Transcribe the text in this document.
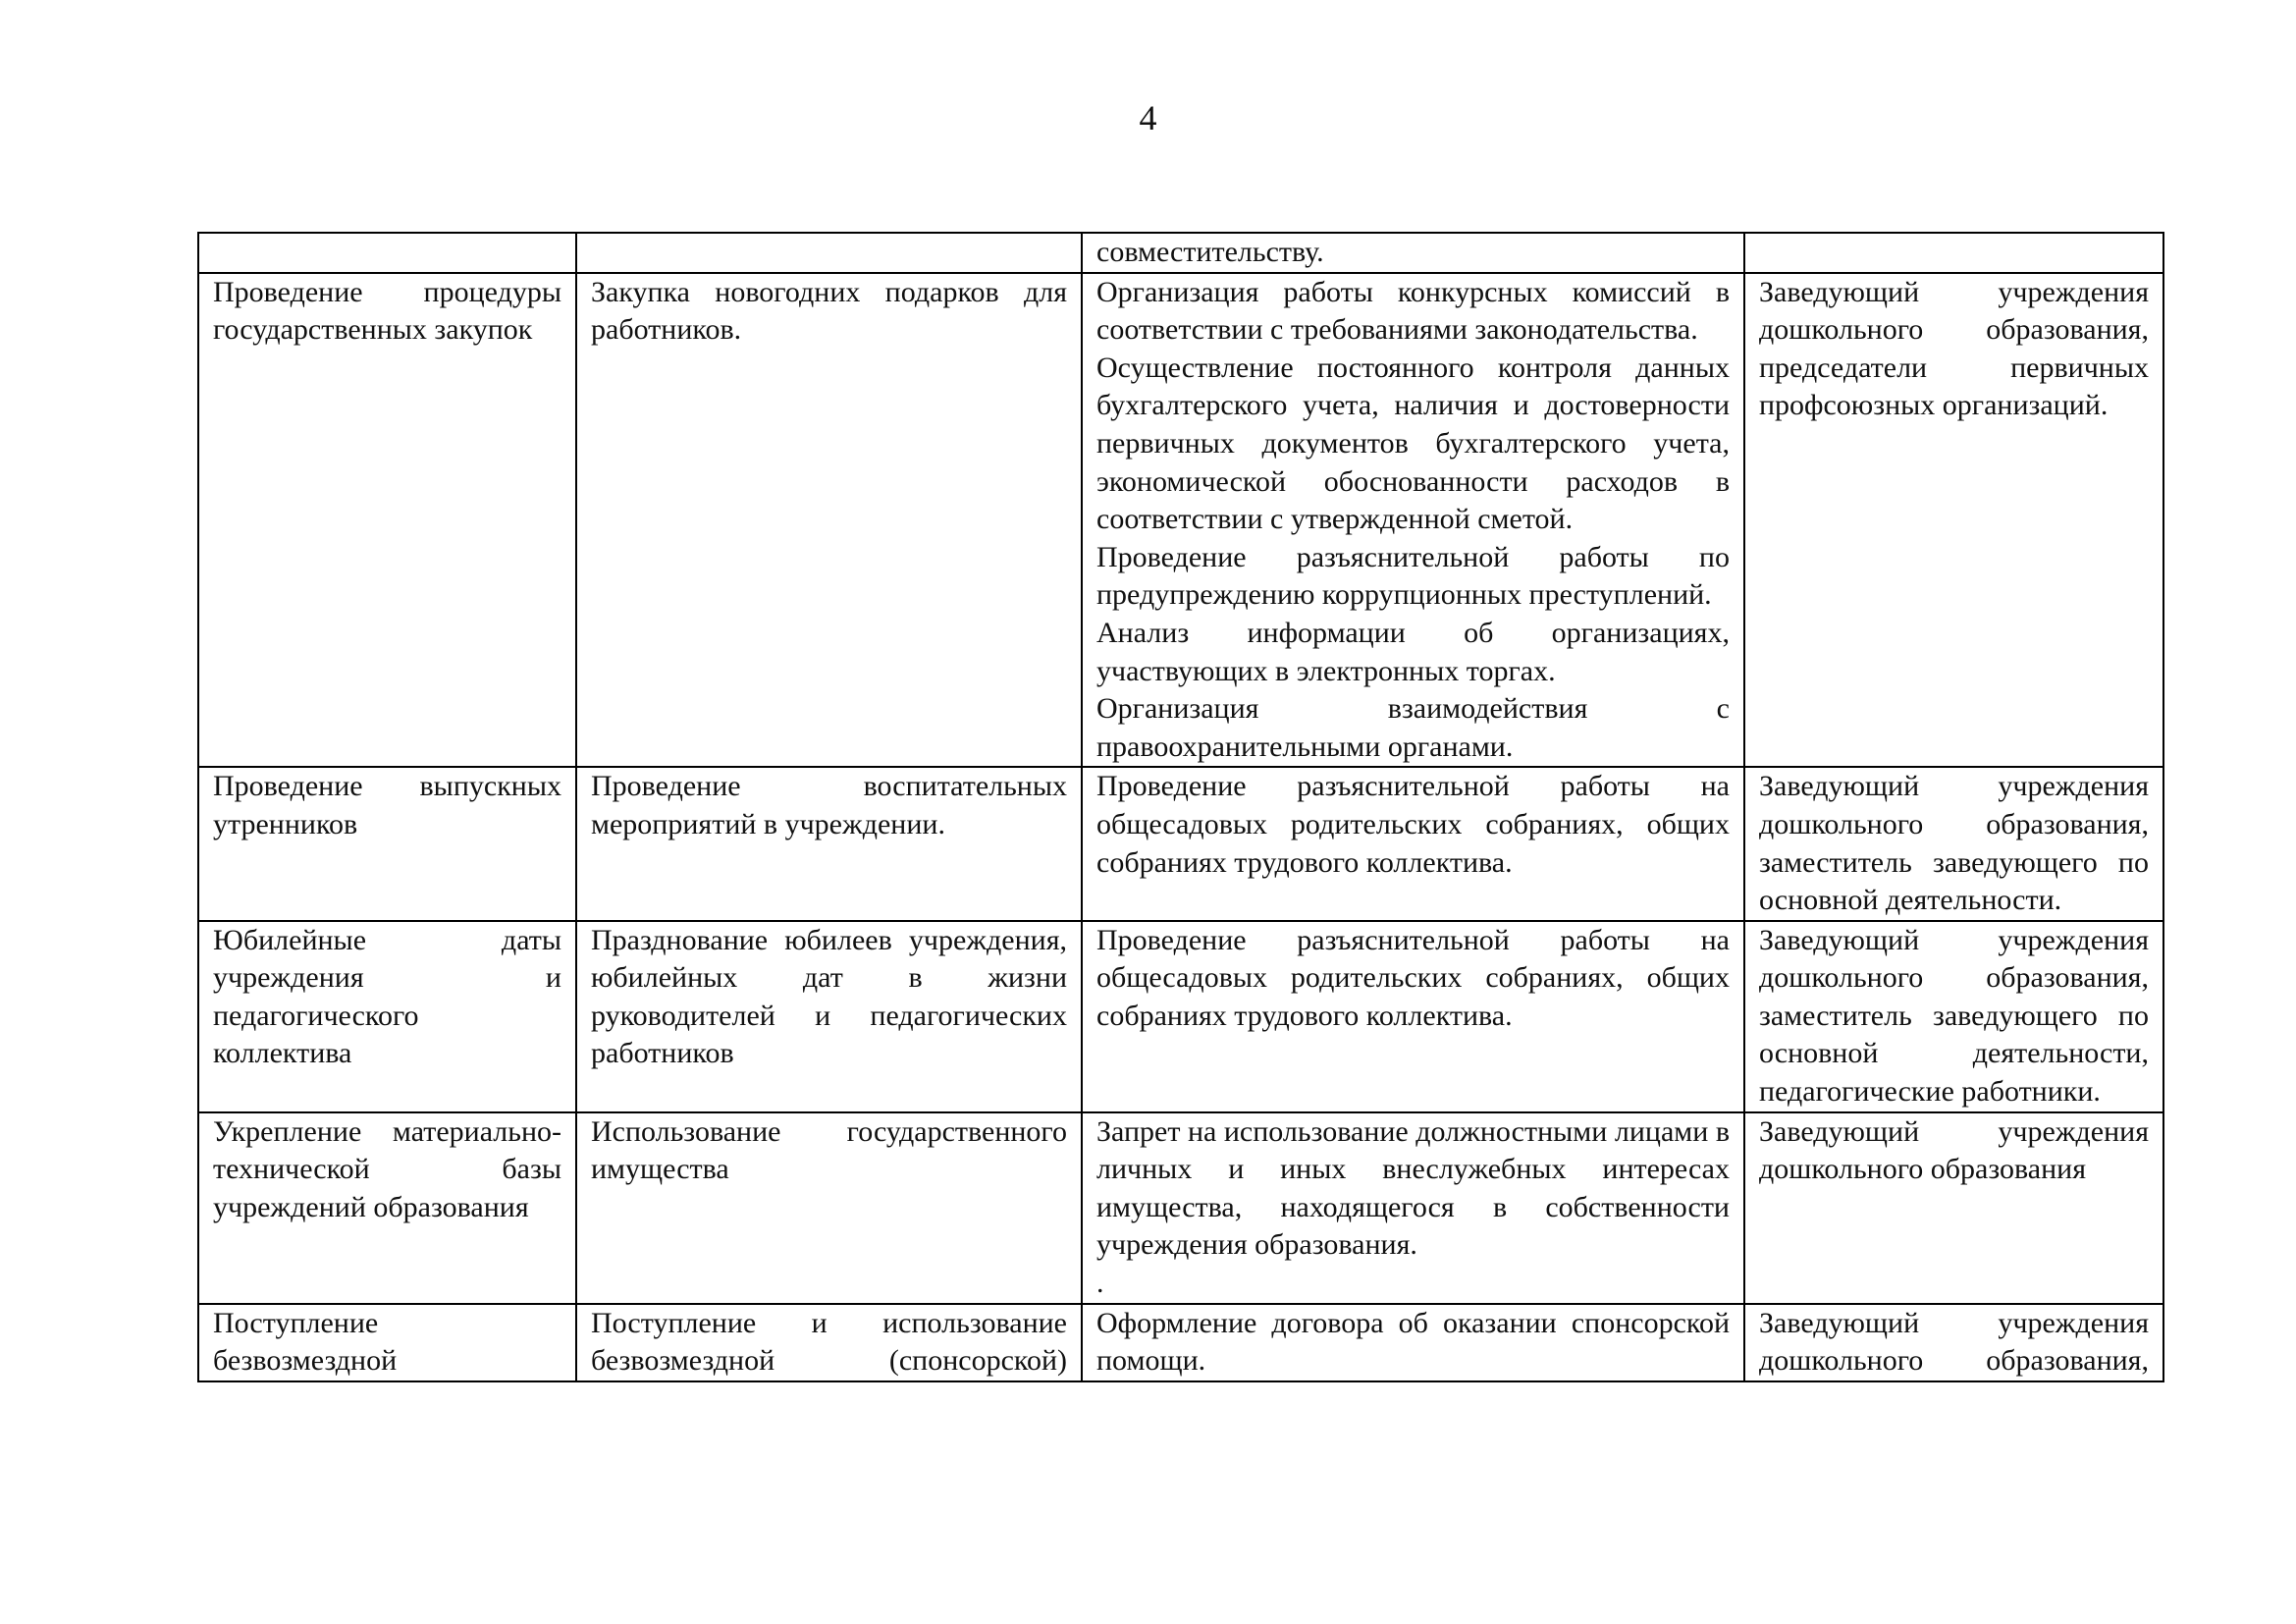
4

		совместительству.	

Проведение процедуры государственных закупок	Закупка новогодних подарков для работников.	Организация работы конкурсных комиссий в соответствии с требованиями законодательства.
Осуществление постоянного контроля данных бухгалтерского учета, наличия и достоверности первичных документов бухгалтерского учета, экономической обоснованности расходов в соответствии с утвержденной сметой.
Проведение разъяснительной работы по предупреждению коррупционных преступлений.
Анализ информации об организациях, участвующих в электронных торгах.
Организация взаимодействия с правоохранительными органами.	Заведующий учреждения дошкольного образования, председатели первичных профсоюзных организаций.

Проведение выпускных утренников	Проведение воспитательных мероприятий в учреждении.	Проведение разъяснительной работы на общесадовых родительских собраниях, общих собраниях трудового коллектива.	Заведующий учреждения дошкольного образования, заместитель заведующего по основной деятельности.

Юбилейные даты учреждения и педагогического коллектива	Празднование юбилеев учреждения, юбилейных дат в жизни руководителей и педагогических работников	Проведение разъяснительной работы на общесадовых родительских собраниях, общих собраниях трудового коллектива.	Заведующий учреждения дошкольного образования, заместитель заведующего по основной деятельности, педагогические работники.

Укрепление материально-технической базы учреждений образования	Использование государственного имущества	Запрет на использование должностными лицами в личных и иных внеслужебных интересах имущества, находящегося в собственности учреждения образования.
.	Заведующий учреждения дошкольного образования

Поступление безвозмездной	Поступление и использование безвозмездной (спонсорской)	Оформление договора об оказании спонсорской помощи.	Заведующий учреждения дошкольного образования,
